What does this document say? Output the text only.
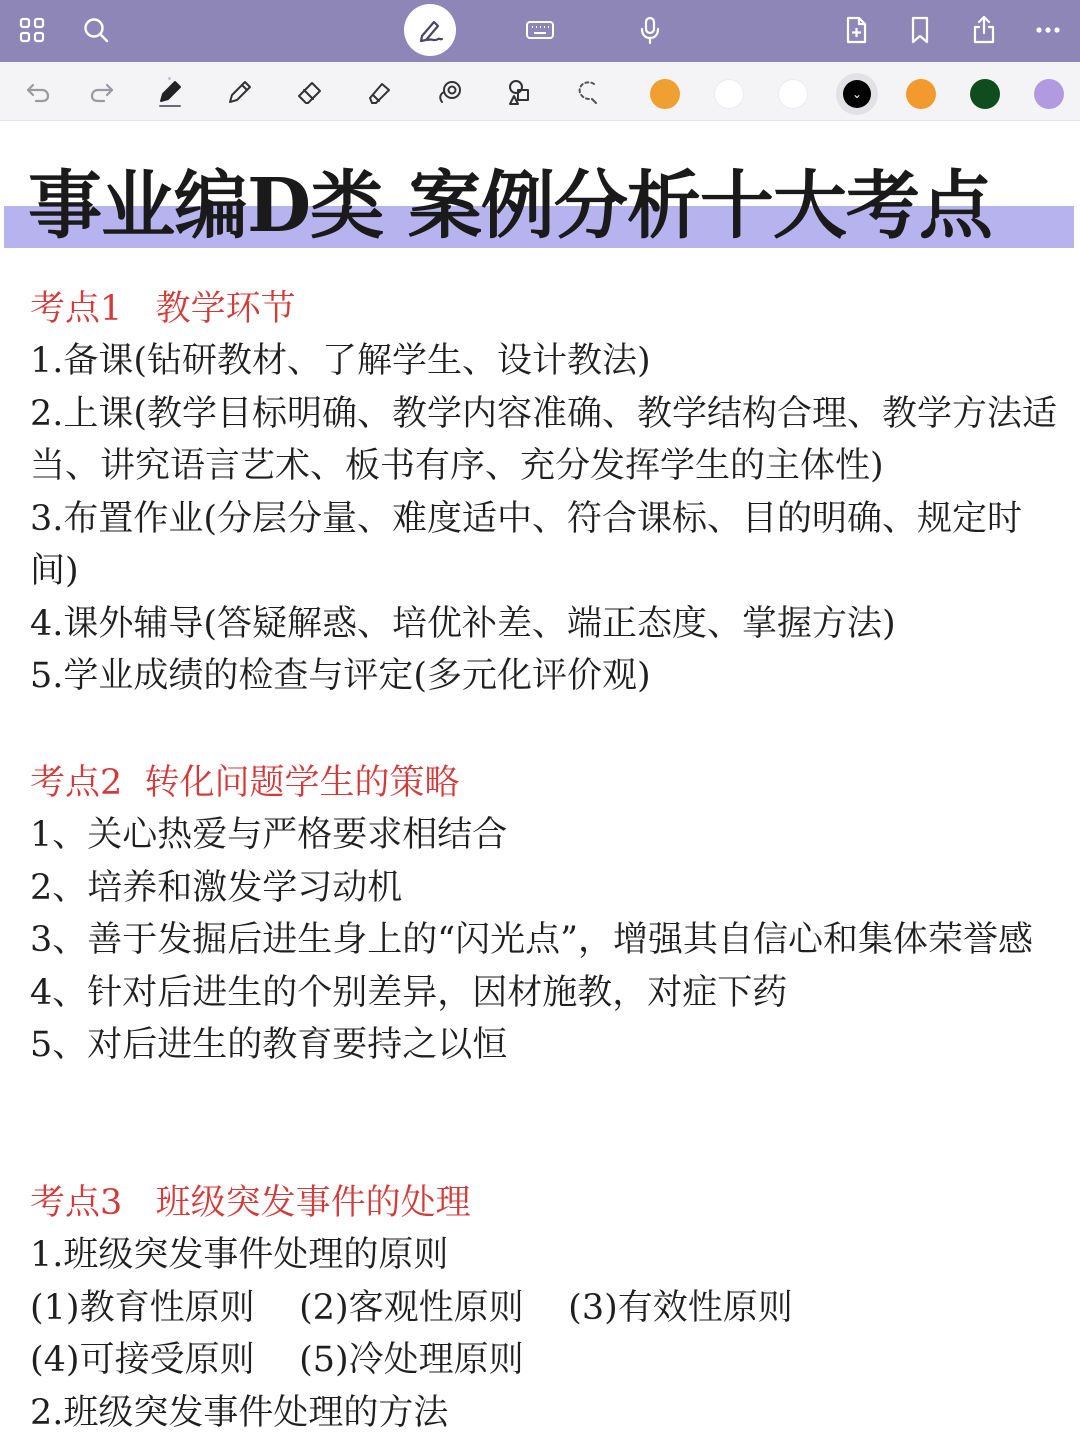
*
⌄
事业编D类 案例分析十大考点
考点1   教学环节
1.备课(钻研教材、了解学生、设计教法)
2.上课(教学目标明确、教学内容准确、教学结构合理、教学方法适当、讲究语言艺术、板书有序、充分发挥学生的主体性)
3.布置作业(分层分量、难度适中、符合课标、目的明确、规定时间)
4.课外辅导(答疑解惑、培优补差、端正态度、掌握方法)
5.学业成绩的检查与评定(多元化评价观)
考点2  转化问题学生的策略
1、关心热爱与严格要求相结合
2、培养和激发学习动机
3、善于发掘后进生身上的“闪光点”，增强其自信心和集体荣誉感
4、针对后进生的个别差异，因材施教，对症下药
5、对后进生的教育要持之以恒
考点3   班级突发事件的处理
1.班级突发事件处理的原则
(1)教育性原则    (2)客观性原则    (3)有效性原则
(4)可接受原则    (5)冷处理原则
2.班级突发事件处理的方法
